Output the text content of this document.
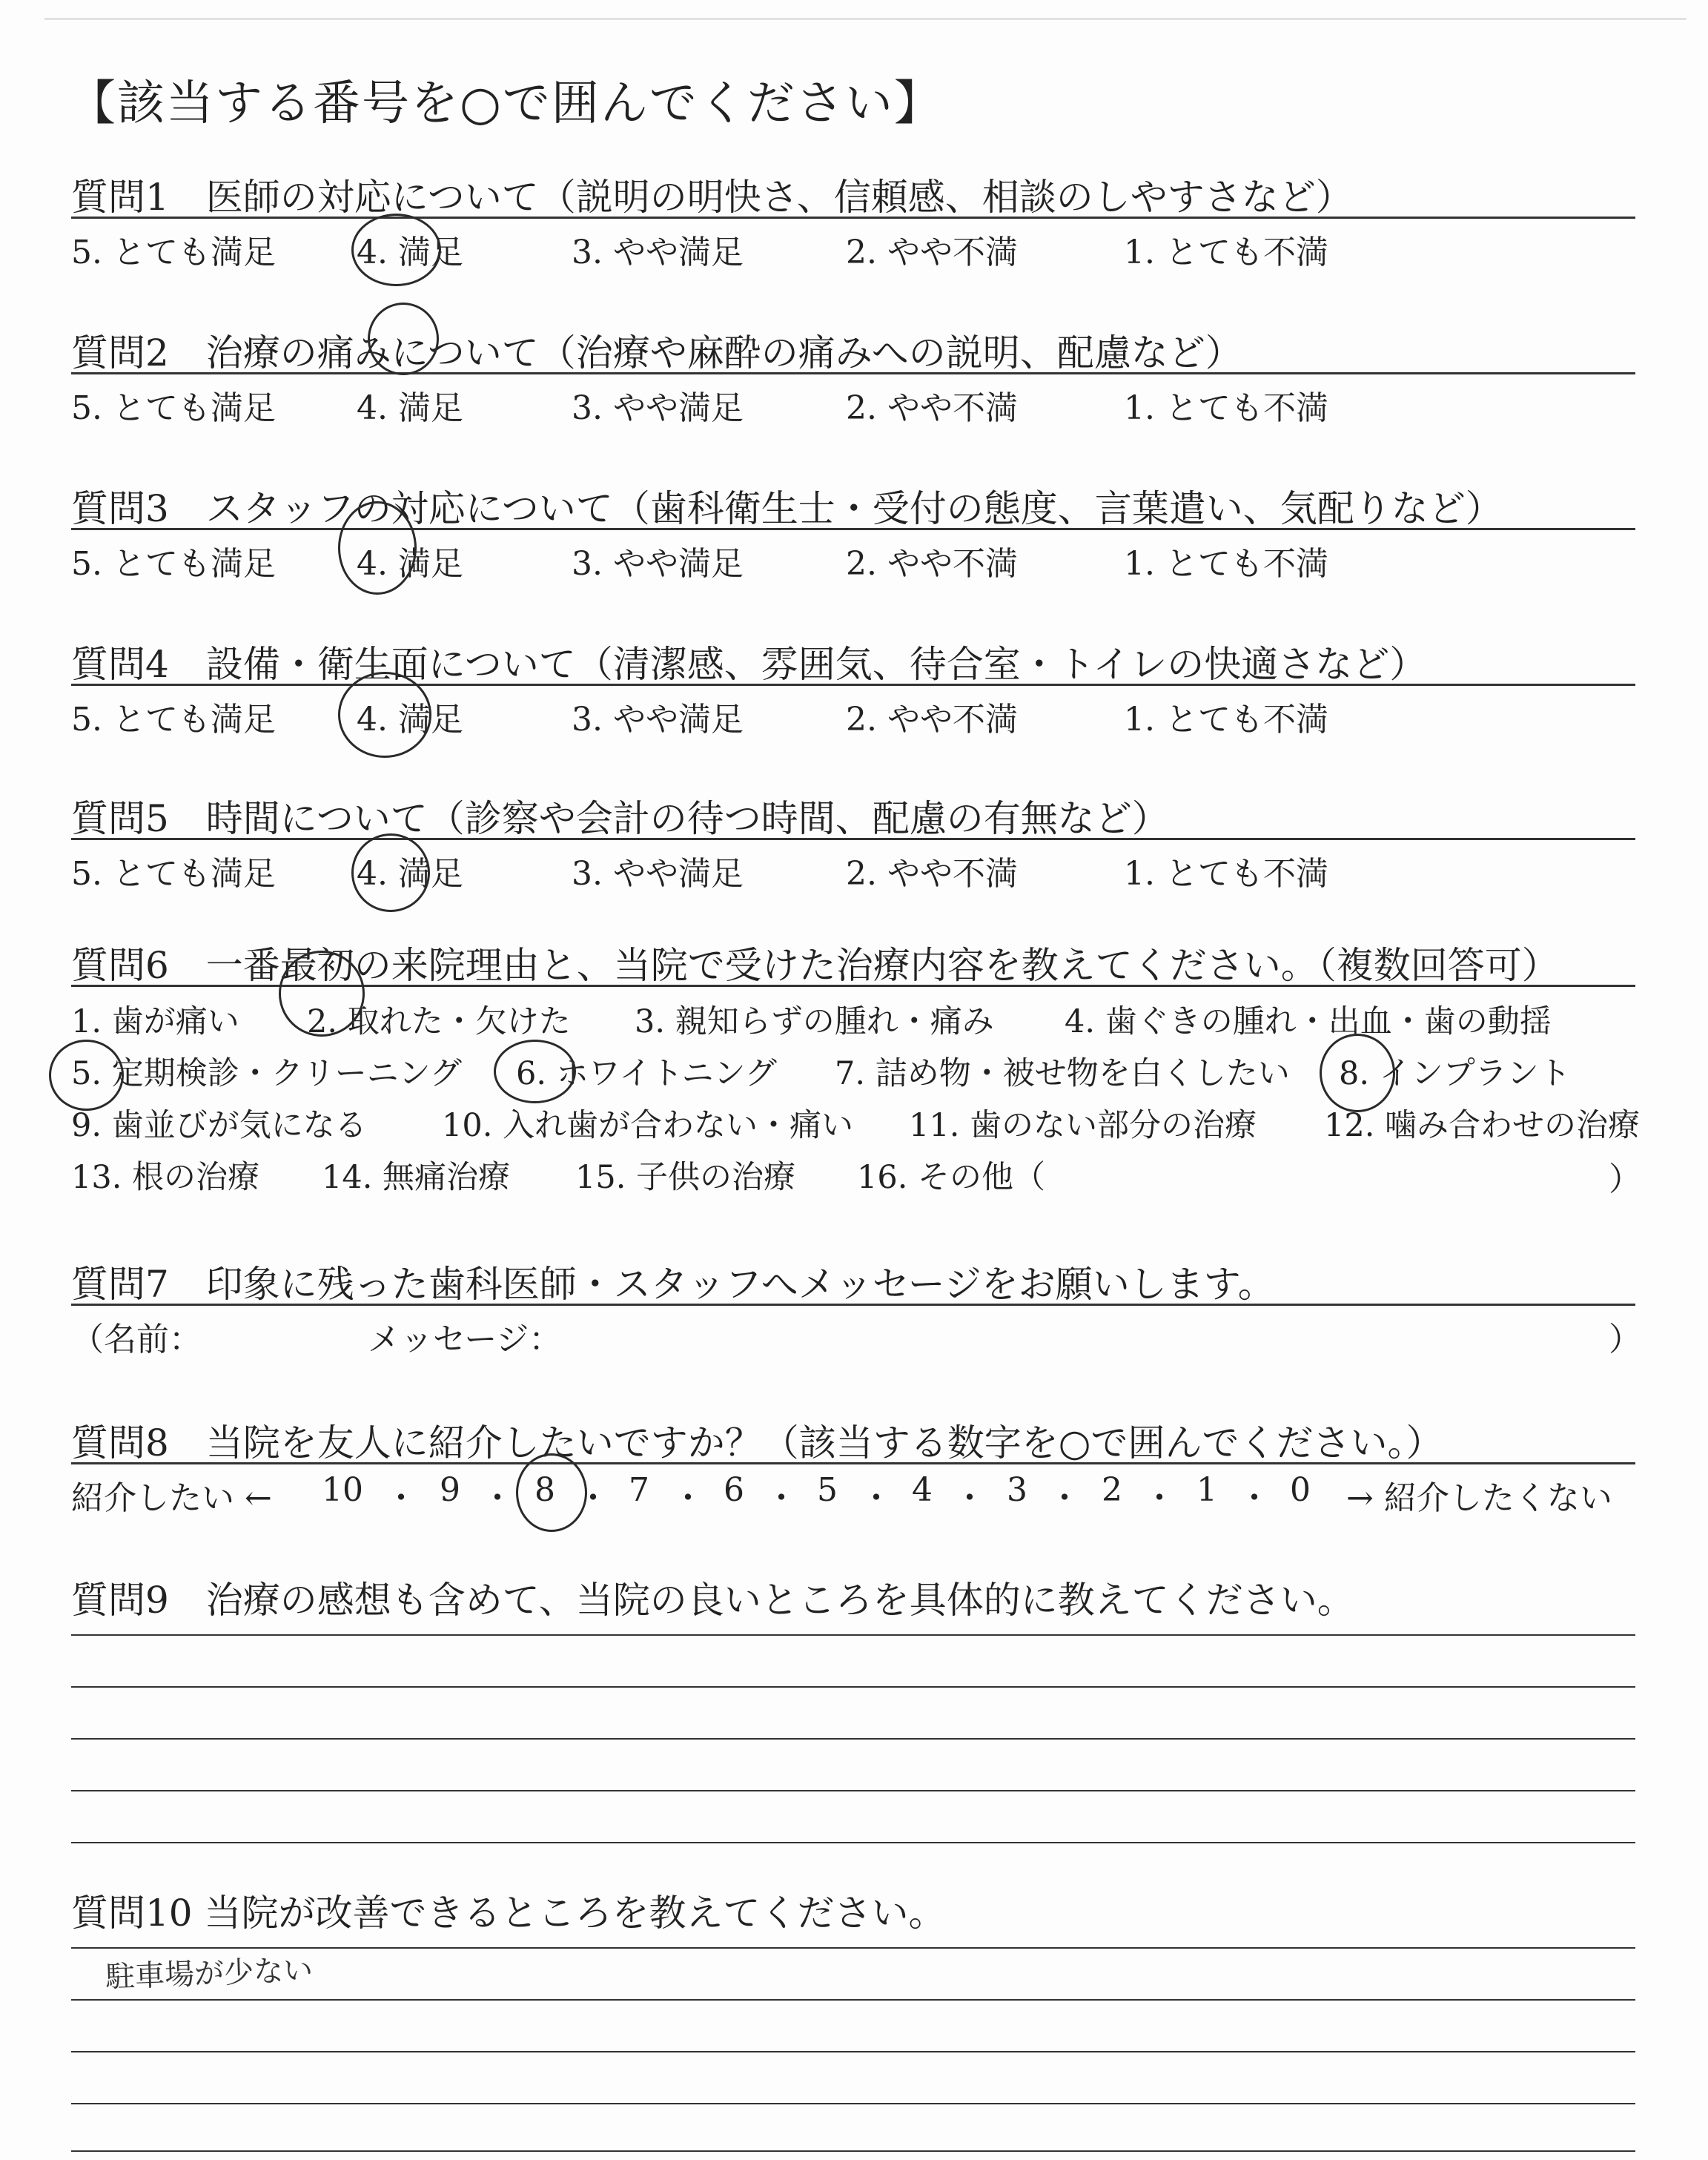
【該当する番号を○で囲んでください】
質問1　医師の対応について（説明の明快さ、信頼感、相談のしやすさなど）
5. とても満足 4. 満足	3. やや満足	2. やや不満	1. とても不満
質問2　治療の痛みについて（治療や麻酔の痛みへの説明、配慮など）
5. とても満足 4. 満足	3. やや満足	2. やや不満	1. とても不満
質問3　スタッフの対応について（歯科衛生士・受付の態度、言葉遣い、気配りなど）
5. とても満足 4. 満足	3. やや満足	2. やや不満	1. とても不満
質問4　設備・衛生面について（清潔感、雰囲気、待合室・トイレの快適さなど）
5. とても満足 4. 満足	3. やや満足	2. やや不満	1. とても不満
質問5　時間について（診察や会計の待つ時間、配慮の有無など）
5. とても満足 4. 満足	3. やや満足	2. やや不満	1. とても不満
質問6　一番最初の来院理由と、当院で受けた治療内容を教えてください。（複数回答可）
1. 歯が痛い 2. 取れた・欠けた 3. 親知らずの腫れ・痛み 4. 歯ぐきの腫れ・出血・歯の動揺
5. 定期検診・クリーニング 6. ホワイトニング 7. 詰め物・被せ物を白くしたい 8. インプラント
9. 歯並びが気になる 10. 入れ歯が合わない・痛い 11. 歯のない部分の治療 12. 噛み合わせの治療
13. 根の治療 14. 無痛治療 15. 子供の治療 16. その他（	）
質問7　印象に残った歯科医師・スタッフへメッセージをお願いします。
（名前：	メッセージ：	）
質問8　当院を友人に紹介したいですか？（該当する数字を○で囲んでください。）
紹介したい ← 10 ・ 9 ・ 8 ・ 7 ・ 6 ・ 5 ・ 4 ・ 3 ・ 2 ・ 1 ・ 0 → 紹介したくない
質問9　治療の感想も含めて、当院の良いところを具体的に教えてください。
質問10 当院が改善できるところを教えてください。
駐車場が少ない
